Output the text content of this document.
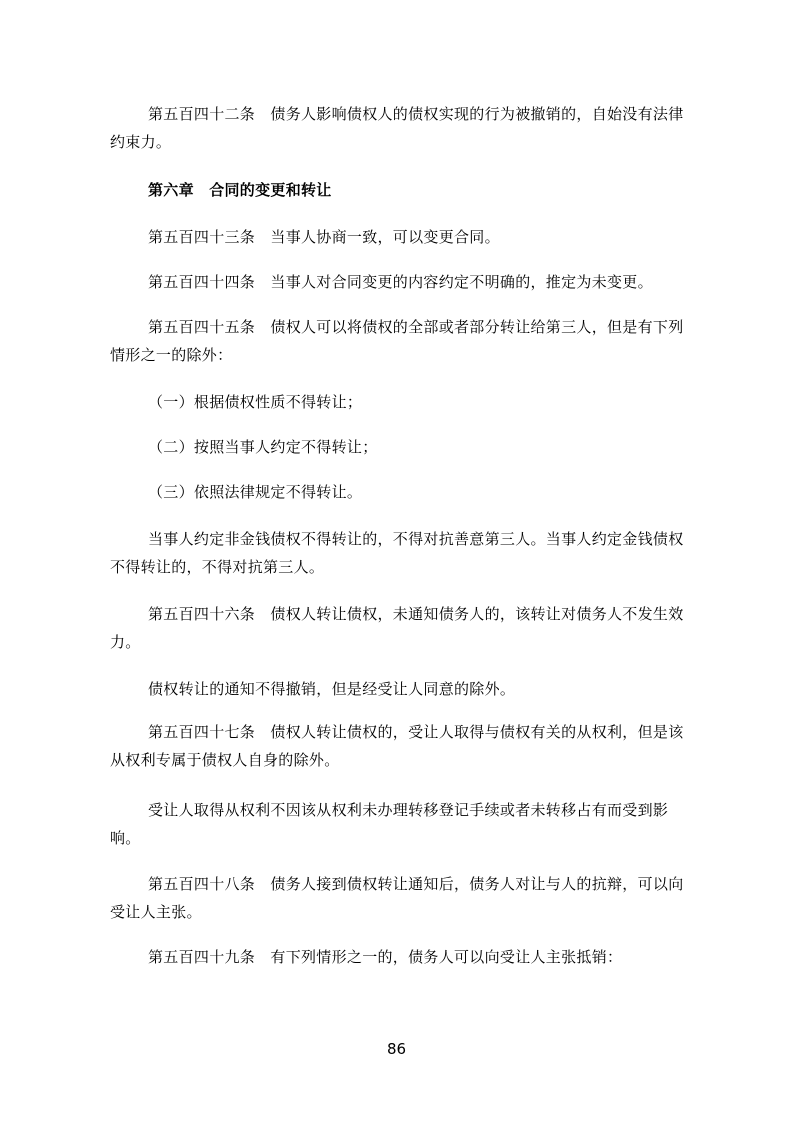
第五百四十二条　债务人影响债权人的债权实现的行为被撤销的，自始没有法律约束力。
第六章　合同的变更和转让
第五百四十三条　当事人协商一致，可以变更合同。
第五百四十四条　当事人对合同变更的内容约定不明确的，推定为未变更。
第五百四十五条　债权人可以将债权的全部或者部分转让给第三人，但是有下列情形之一的除外：
（一）根据债权性质不得转让；
（二）按照当事人约定不得转让；
（三）依照法律规定不得转让。
当事人约定非金钱债权不得转让的，不得对抗善意第三人。当事人约定金钱债权不得转让的，不得对抗第三人。
第五百四十六条　债权人转让债权，未通知债务人的，该转让对债务人不发生效力。
债权转让的通知不得撤销，但是经受让人同意的除外。
第五百四十七条　债权人转让债权的，受让人取得与债权有关的从权利，但是该从权利专属于债权人自身的除外。
受让人取得从权利不因该从权利未办理转移登记手续或者未转移占有而受到影响。
第五百四十八条　债务人接到债权转让通知后，债务人对让与人的抗辩，可以向受让人主张。
第五百四十九条　有下列情形之一的，债务人可以向受让人主张抵销：
86
